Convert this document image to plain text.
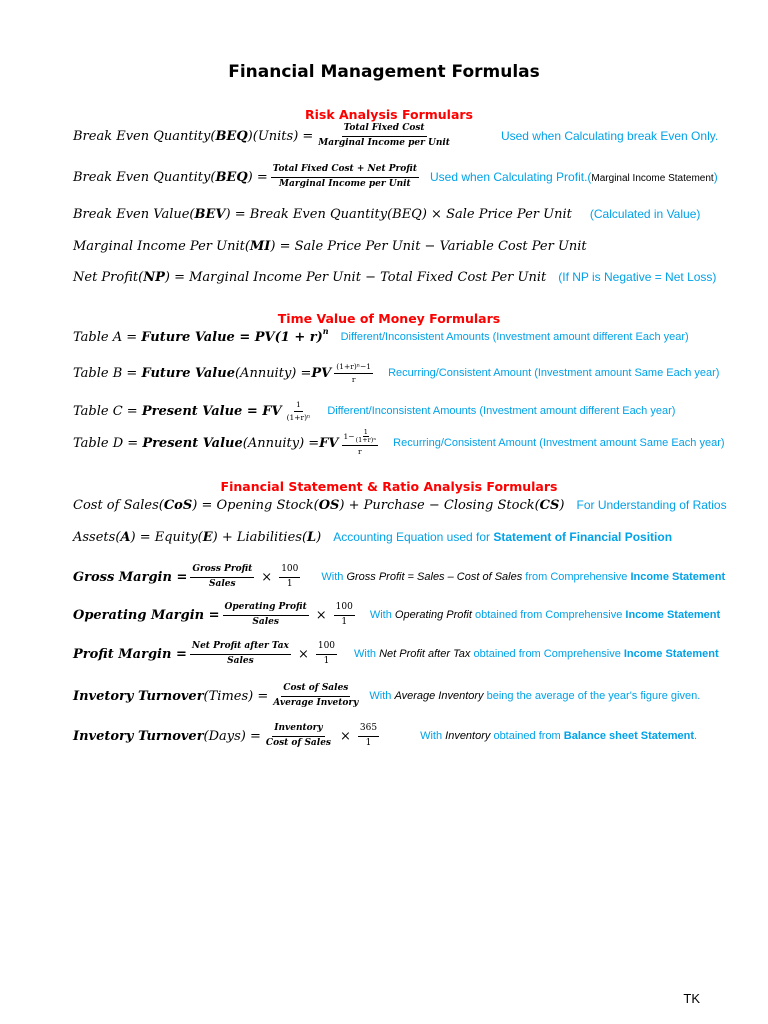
Financial Management Formulas
Risk Analysis Formulars
Break Even Quantity( BEQ )(Units) = $\frac{\text{Total Fixed Cost}}{\text{Marginal Income per Unit}}$	Used when Calculating break Even Only.
Break Even Quantity( BEQ ) = $\frac{\text{Total Fixed Cost + Net Profit}}{\text{Marginal Income per Unit}}$ Used when Calculating Profit.(Marginal Income Statement)
Break Even Value( BEV ) = Break Even Quantity(BEQ) × Sale Price Per Unit (Calculated in Value)
Marginal Income Per Unit( MI ) = Sale Price Per Unit − Variable Cost Per Unit
Net Profit( NP ) = Marginal Income Per Unit − Total Fixed Cost Per Unit (If NP is Negative = Net Loss)
Time Value of Money Formulars
Table A =
Future Value = PV(1 + r) n Different/Inconsistent Amounts (Investment amount different Each year)
Table B =
Future Value (Annuity) = PV $\frac{\text{(1+r)ⁿ−1}}{r}$ Recurring/Consistent Amount (Investment amount Same Each year)
Table C =
Present Value = FV $\frac{1}{\text{(1+r)ⁿ}}$ Different/Inconsistent Amounts (Investment amount different Each year)
Table D =
Present Value (Annuity) = FV $\frac{1- \frac{1}{\text{(1+r)ⁿ}}}{r}$ Recurring/Consistent Amount (Investment amount Same Each year)
Financial Statement & Ratio Analysis Formulars
Cost of Sales( CoS ) = Opening Stock( OS ) + Purchase − Closing Stock( CS ) For Understanding of Ratios
Assets( A ) = Equity( E ) + Liabilities( L ) Accounting Equation used for Statement of Financial Position
Gross Margin = $\frac{\text{Gross Profit}}{\text{Sales}} \times \frac{100}{1}$ With Gross Profit = Sales – Cost of Sales from Comprehensive Income Statement
Operating Margin = $\frac{\text{Operating Profit}}{\text{Sales}} \times \frac{100}{1}$ With Operating Profit obtained from Comprehensive Income Statement
Profit Margin = $\frac{\text{Net Profit after Tax}}{\text{Sales}} \times \frac{100}{1}$ With Net Profit after Tax obtained from Comprehensive Income Statement
Invetory Turnover (Times) = $\frac{\text{Cost of Sales}}{\text{Average Invetory}}$ With Average Inventory being the average of the year's figure given.
Invetory Turnover (Days) = $\frac{\text{Inventory}}{\text{Cost of Sales}} \times \frac{365}{1}$	With Inventory obtained from Balance sheet Statement.
TK
